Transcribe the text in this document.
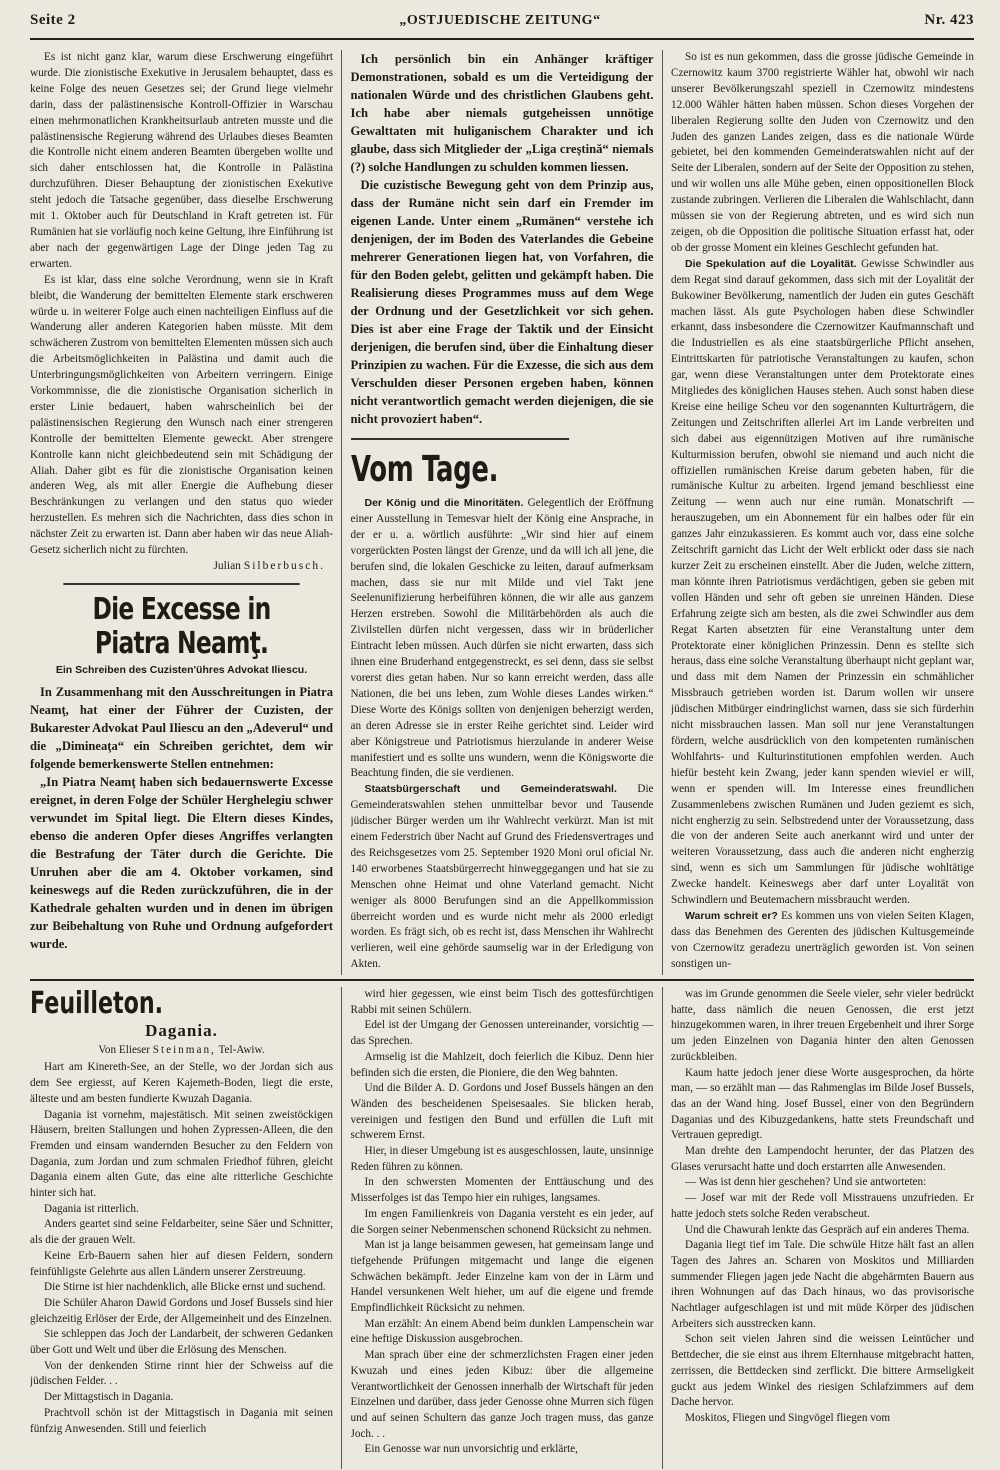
Seite 2	„OSTJUEDISCHE ZEITUNG“	Nr. 423

Es ist nicht ganz klar, warum diese Erschwerung eingeführt wurde. Die zionistische Exekutive in Jerusalem behauptet, dass es keine Folge des neuen Gesetzes sei; der Grund liege vielmehr darin, dass der palästinensische Kontroll-Offizier in Warschau einen mehrmonatlichen Krankheitsurlaub antreten musste und die palästinensische Regierung während des Urlaubes dieses Beamten die Kontrolle nicht einem anderen Beamten übergeben wollte und sich daher entschlossen hat, die Kontrolle in Palästina durchzuführen. Dieser Behauptung der zionistischen Exekutive steht jedoch die Tatsache gegenüber, dass dieselbe Erschwerung mit 1. Oktober auch für Deutschland in Kraft getreten ist. Für Rumänien hat sie vorläufig noch keine Geltung, ihre Einführung ist aber nach der gegenwärtigen Lage der Dinge jeden Tag zu erwarten.

Es ist klar, dass eine solche Verordnung, wenn sie in Kraft bleibt, die Wanderung der bemittelten Elemente stark erschweren würde u. in weiterer Folge auch einen nachteiligen Einfluss auf die Wanderung aller anderen Kategorien haben müsste. Mit dem schwächeren Zustrom von bemittelten Elementen müssen sich auch die Arbeitsmöglichkeiten in Palästina und damit auch die Unterbringungsmöglichkeiten von Arbeitern verringern. Einige Vorkommnisse, die die zionistische Organisation sicherlich in erster Linie bedauert, haben wahrscheinlich bei der palästinensischen Regierung den Wunsch nach einer strengeren Kontrolle der bemittelten Elemente geweckt. Aber strengere Kontrolle kann nicht gleichbedeutend sein mit Schädigung der Aliah. Daher gibt es für die zionistische Organisation keinen anderen Weg, als mit aller Energie die Aufhebung dieser Beschränkungen zu verlangen und den status quo wieder herzustellen. Es mehren sich die Nachrichten, dass dies schon in nächster Zeit zu erwarten ist. Dann aber haben wir das neue Aliah-Gesetz sicherlich nicht zu fürchten.

Julian Silberbusch.
Die Excesse in Piatra Neamţ.
Ein Schreiben des Cuzisten'ühres Advokat Iliescu.

In Zusammenhang mit den Ausschreitungen in Piatra Neamţ, hat einer der Führer der Cuzisten, der Bukarester Advokat Paul Iliescu an den „Adeverul“ und die „Dimineaţa“ ein Schreiben gerichtet, dem wir folgende bemerkenswerte Stellen entnehmen:

„In Piatra Neamţ haben sich bedauernswerte Excesse ereignet, in deren Folge der Schüler Herghelegiu schwer verwundet im Spital liegt. Die Eltern dieses Kindes, ebenso die anderen Opfer dieses Angriffes verlangten die Bestrafung der Täter durch die Gerichte. Die Unruhen aber die am 4. Oktober vorkamen, sind keineswegs auf die Reden zurückzuführen, die in der Kathedrale gehalten wurden und in denen im übrigen zur Beibehaltung von Ruhe und Ordnung aufgefordert wurde.

Ich persönlich bin ein Anhänger kräftiger Demonstrationen, sobald es um die Verteidigung der nationalen Würde und des christlichen Glaubens geht. Ich habe aber niemals gutgeheissen unnötige Gewalttaten mit huliganischem Charakter und ich glaube, dass sich Mitglieder der „Liga creştină“ niemals (?) solche Handlungen zu schulden kommen liessen.

Die cuzistische Bewegung geht von dem Prinzip aus, dass der Rumäne nicht sein darf ein Fremder im eigenen Lande. Unter einem „Rumänen“ verstehe ich denjenigen, der im Boden des Vaterlandes die Gebeine mehrerer Generationen liegen hat, von Vorfahren, die für den Boden gelebt, gelitten und gekämpft haben. Die Realisierung dieses Programmes muss auf dem Wege der Ordnung und der Gesetzlichkeit vor sich gehen. Dies ist aber eine Frage der Taktik und der Einsicht derjenigen, die berufen sind, über die Einhaltung dieser Prinzipien zu wachen. Für die Exzesse, die sich aus dem Verschulden dieser Personen ergeben haben, können nicht verantwortlich gemacht werden diejenigen, die sie nicht provoziert haben“.

Vom Tage.

Der König und die Minoritäten. Gelegentlich der Eröffnung einer Ausstellung in Temesvar hielt der König eine Ansprache, in der er u. a. wörtlich ausführte: „Wir sind hier auf einem vorgerückten Posten längst der Grenze, und da will ich all jene, die berufen sind, die lokalen Geschicke zu leiten, darauf aufmerksam machen, dass sie nur mit Milde und viel Takt jene Seelenunifizierung herbeiführen können, die wir alle aus ganzem Herzen erstreben. Sowohl die Militärbehörden als auch die Zivilstellen dürfen nicht vergessen, dass wir in brüderlicher Eintracht leben müssen. Auch dürfen sie nicht erwarten, dass sich ihnen eine Bruderhand entgegenstreckt, es sei denn, dass sie selbst vorerst dies getan haben. Nur so kann erreicht werden, dass alle Nationen, die bei uns leben, zum Wohle dieses Landes wirken.“ Diese Worte des Königs sollten von denjenigen beherzigt werden, an deren Adresse sie in erster Reihe gerichtet sind. Leider wird aber Königstreue und Patriotismus hierzulande in anderer Weise manifestiert und es sollte uns wundern, wenn die Königsworte die Beachtung finden, die sie verdienen.

Staatsbürgerschaft und Gemeinderatswahl. Die Gemeinderatswahlen stehen unmittelbar bevor und Tausende jüdischer Bürger werden um ihr Wahlrecht verkürzt. Man ist mit einem Federstrich über Nacht auf Grund des Friedensvertrages und des Reichsgesetzes vom 25. September 1920 Moni orul oficial Nr. 140 erworbenes Staatsbürgerrecht hinweggegangen und hat sie zu Menschen ohne Heimat und ohne Vaterland gemacht. Nicht weniger als 8000 Berufungen sind an die Appellkommission überreicht worden und es wurde nicht mehr als 2000 erledigt worden. Es frägt sich, ob es recht ist, dass Menschen ihr Wahlrecht verlieren, weil eine gehörde saumselig war in der Erledigung von Akten.

So ist es nun gekommen, dass die grosse jüdische Gemeinde in Czernowitz kaum 3700 registrierte Wähler hat, obwohl wir nach unserer Bevölkerungszahl speziell in Czernowitz mindestens 12.000 Wähler hätten haben müssen. Schon dieses Vorgehen der liberalen Regierung sollte den Juden von Czernowitz und den Juden des ganzen Landes zeigen, dass es die nationale Würde gebietet, bei den kommenden Gemeinderatswahlen nicht auf der Seite der Liberalen, sondern auf der Seite der Opposition zu stehen, und wir wollen uns alle Mühe geben, einen oppositionellen Block zustande zubringen. Verlieren die Liberalen die Wahlschlacht, dann müssen sie von der Regierung abtreten, und es wird sich nun zeigen, ob die Opposition die politische Situation erfasst hat, oder ob der grosse Moment ein kleines Geschlecht gefunden hat.

Die Spekulation auf die Loyalität. Gewisse Schwindler aus dem Regat sind darauf gekommen, dass sich mit der Loyalität der Bukowiner Bevölkerung, namentlich der Juden ein gutes Geschäft machen lässt. Als gute Psychologen haben diese Schwindler erkannt, dass insbesondere die Czernowitzer Kaufmannschaft und die Industriellen es als eine staatsbürgerliche Pflicht ansehen, Eintrittskarten für patriotische Veranstaltungen zu kaufen, schon gar, wenn diese Veranstaltungen unter dem Protektorate eines Mitgliedes des königlichen Hauses stehen. Auch sonst haben diese Kreise eine heilige Scheu vor den sogenannten Kulturträgern, die Zeitungen und Zeitschriften allerlei Art im Lande verbreiten und sich dabei aus eigennützigen Motiven auf ihre rumänische Kulturmission berufen, obwohl sie niemand und auch nicht die offiziellen rumänischen Kreise darum gebeten haben, für die rumänische Kultur zu arbeiten. Irgend jemand beschliesst eine Zeitung — wenn auch nur eine rumän. Monatschrift — herauszugeben, um ein Abonnement für ein halbes oder für ein ganzes Jahr einzukassieren. Es kommt auch vor, dass eine solche Zeitschrift garnicht das Licht der Welt erblickt oder dass sie nach kurzer Zeit zu erscheinen einstellt. Aber die Juden, welche zittern, man könnte ihren Patriotismus verdächtigen, geben sie geben mit vollen Händen und sehr oft geben sie unreinen Händen. Diese Erfahrung zeigte sich am besten, als die zwei Schwindler aus dem Regat Karten absetzten für eine Veranstaltung unter dem Protektorate einer königlichen Prinzessin. Denn es stellte sich heraus, dass eine solche Veranstaltung überhaupt nicht geplant war, und dass mit dem Namen der Prinzessin ein schmählicher Missbrauch getrieben worden ist. Darum wollen wir unsere jüdischen Mitbürger eindringlichst warnen, dass sie sich fürderhin nicht missbrauchen lassen. Man soll nur jene Veranstaltungen fördern, welche ausdrücklich von den kompetenten rumänischen Wohlfahrts- und Kulturinstitutionen empfohlen werden. Auch hiefür besteht kein Zwang, jeder kann spenden wieviel er will, wenn er spenden will. Im Interesse eines freundlichen Zusammenlebens zwischen Rumänen und Juden geziemt es sich, nicht engherzig zu sein. Selbstredend unter der Voraussetzung, dass die von der anderen Seite auch anerkannt wird und unter der weiteren Voraussetzung, dass auch die anderen nicht engherzig sind, wenn es sich um Sammlungen für jüdische wohltätige Zwecke handelt. Keineswegs aber darf unter Loyalität von Schwindlern und Beutemachern missbraucht werden.

Warum schreit er? Es kommen uns von vielen Seiten Klagen, dass das Benehmen des Gerenten des jüdischen Kultusgemeinde von Czernowitz geradezu unerträglich geworden ist. Von seinen sonstigen un-

Feuilleton.
Dagania.
Von Elieser Steinman, Tel-Awiw.

Hart am Kinereth-See, an der Stelle, wo der Jordan sich aus dem See ergiesst, auf Keren Kajemeth-Boden, liegt die erste, älteste und am besten fundierte Kwuzah Dagania.

Dagania ist vornehm, majestätisch. Mit seinen zweistöckigen Häusern, breiten Stallungen und hohen Zypressen-Alleen, die den Fremden und einsam wandernden Besucher zu den Feldern von Dagania, zum Jordan und zum schmalen Friedhof führen, gleicht Dagania einem alten Gute, das eine alte ritterliche Geschichte hinter sich hat.

Dagania ist ritterlich.

Anders geartet sind seine Feldarbeiter, seine Säer und Schnitter, als die der grauen Welt.

Keine Erb-Bauern sahen hier auf diesen Feldern, sondern feinfühligste Gelehrte aus allen Ländern unserer Zerstreuung.

Die Stirne ist hier nachdenklich, alle Blicke ernst und suchend.

Die Schüler Aharon Dawid Gordons und Josef Bussels sind hier gleichzeitig Erlöser der Erde, der Allgemeinheit und des Einzelnen.

Sie schleppen das Joch der Landarbeit, der schweren Gedanken über Gott und Welt und über die Erlösung des Menschen.

Von der denkenden Stirne rinnt hier der Schweiss auf die jüdischen Felder. . .

Der Mittagstisch in Dagania.

Prachtvoll schön ist der Mittagstisch in Dagania mit seinen fünfzig Anwesenden. Still und feierlich

wird hier gegessen, wie einst beim Tisch des gottesfürchtigen Rabbi mit seinen Schülern.

Edel ist der Umgang der Genossen untereinander, vorsichtig — das Sprechen.

Armselig ist die Mahlzeit, doch feierlich die Kibuz. Denn hier befinden sich die ersten, die Pioniere, die den Weg bahnten.

Und die Bilder A. D. Gordons und Josef Bussels hängen an den Wänden des bescheidenen Speisesaales. Sie blicken herab, vereinigen und festigen den Bund und erfüllen die Luft mit schwerem Ernst.

Hier, in dieser Umgebung ist es ausgeschlossen, laute, unsinnige Reden führen zu können.

In den schwersten Momenten der Enttäuschung und des Misserfolges ist das Tempo hier ein ruhiges, langsames.

Im engen Familienkreis von Dagania versteht es ein jeder, auf die Sorgen seiner Nebenmenschen schonend Rücksicht zu nehmen.

Man ist ja lange beisammen gewesen, hat gemeinsam lange und tiefgehende Prüfungen mitgemacht und lange die eigenen Schwächen bekämpft. Jeder Einzelne kam von der in Lärm und Handel versunkenen Welt hieher, um auf die eigene und fremde Empfindlichkeit Rücksicht zu nehmen.

Man erzählt: An einem Abend beim dunklen Lampenschein war eine heftige Diskussion ausgebrochen.

Man sprach über eine der schmerzlichsten Fragen einer jeden Kwuzah und eines jeden Kibuz: über die allgemeine Verantwortlichkeit der Genossen innerhalb der Wirtschaft für jeden Einzelnen und darüber, dass jeder Genosse ohne Murren sich fügen und auf seinen Schultern das ganze Joch tragen muss, das ganze Joch. . .

Ein Genosse war nun unvorsichtig und erklärte,

was im Grunde genommen die Seele vieler, sehr vieler bedrückt hatte, dass nämlich die neuen Genossen, die erst jetzt hinzugekommen waren, in ihrer treuen Ergebenheit und ihrer Sorge um jeden Einzelnen von Dagania hinter den alten Genossen zurückbleiben.

Kaum hatte jedoch jener diese Worte ausgesprochen, da hörte man, — so erzählt man — das Rahmenglas im Bilde Josef Bussels, das an der Wand hing. Josef Bussel, einer von den Begründern Daganias und des Kibuzgedankens, hatte stets Freundschaft und Vertrauen gepredigt.

Man drehte den Lampendocht herunter, der das Platzen des Glases verursacht hatte und doch erstarrten alle Anwesenden.

— Was ist denn hier geschehen? Und sie antworteten:

— Josef war mit der Rede voll Misstrauens unzufrieden. Er hatte jedoch stets solche Reden verabscheut.

Und die Chawurah lenkte das Gespräch auf ein anderes Thema.

Dagania liegt tief im Tale. Die schwüle Hitze hält fast an allen Tagen des Jahres an. Scharen von Moskitos und Milliarden summender Fliegen jagen jede Nacht die abgehärmten Bauern aus ihren Wohnungen auf das Dach hinaus, wo das provisorische Nachtlager aufgeschlagen ist und mit müde Körper des jüdischen Arbeiters sich ausstrecken kann.

Schon seit vielen Jahren sind die weissen Leintücher und Bettdecher, die sie einst aus ihrem Elternhause mitgebracht hatten, zerrissen, die Bettdecken sind zerflickt. Die bittere Armseligkeit guckt aus jedem Winkel des riesigen Schlafzimmers auf dem Dache hervor.

Moskitos, Fliegen und Singvögel fliegen vom
